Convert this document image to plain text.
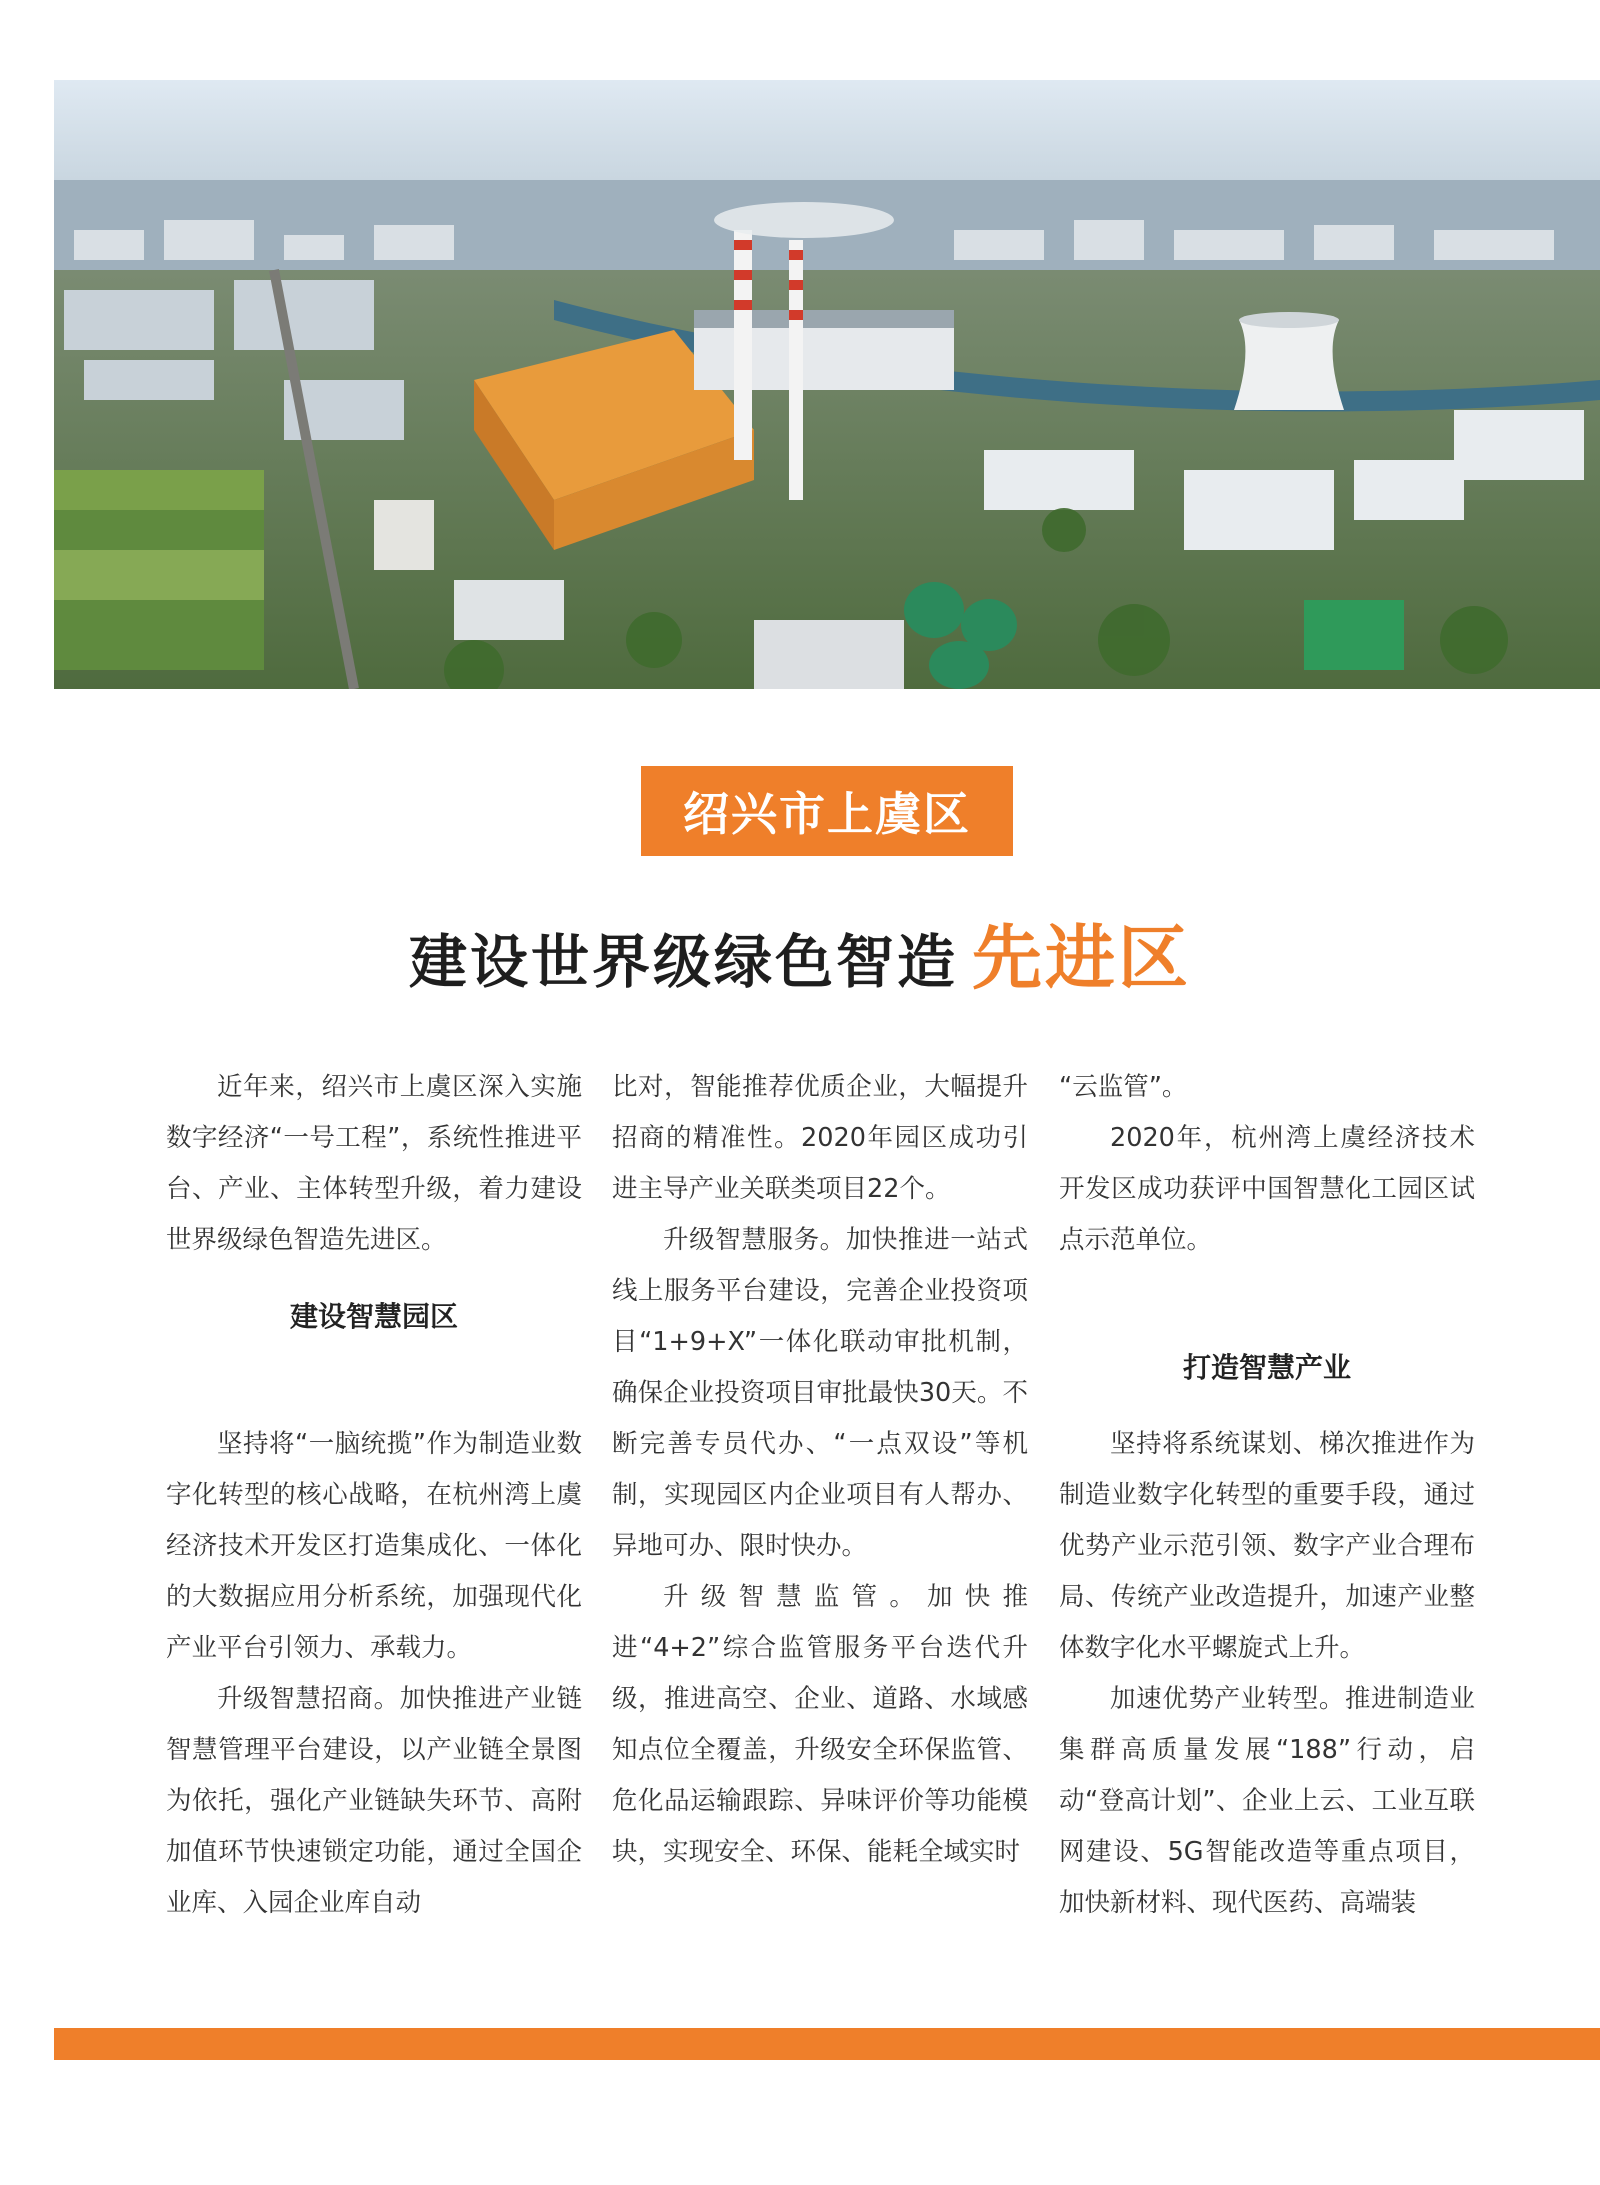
绍兴市上虞区
建设世界级绿色智造 先进区

近年来，绍兴市上虞区深入实施数字经济“一号工程”，系统性推进平台、产业、主体转型升级，着力建设世界级绿色智造先进区。

建设智慧园区

坚持将“一脑统揽”作为制造业数字化转型的核心战略，在杭州湾上虞经济技术开发区打造集成化、一体化的大数据应用分析系统，加强现代化产业平台引领力、承载力。

升级智慧招商。加快推进产业链智慧管理平台建设，以产业链全景图为依托，强化产业链缺失环节、高附加值环节快速锁定功能，通过全国企业库、入园企业库自动

比对，智能推荐优质企业，大幅提升招商的精准性。2020年园区成功引进主导产业关联类项目22个。

升级智慧服务。加快推进一站式线上服务平台建设，完善企业投资项目“1+9+X”一体化联动审批机制，确保企业投资项目审批最快30天。不断完善专员代办、“一点双设”等机制，实现园区内企业项目有人帮办、异地可办、限时快办。

升级智慧监管。加快推进“4+2”综合监管服务平台迭代升级，推进高空、企业、道路、水域感知点位全覆盖，升级安全环保监管、危化品运输跟踪、异味评价等功能模块，实现安全、环保、能耗全域实时

“云监管”。

2020年，杭州湾上虞经济技术开发区成功获评中国智慧化工园区试点示范单位。

打造智慧产业

坚持将系统谋划、梯次推进作为制造业数字化转型的重要手段，通过优势产业示范引领、数字产业合理布局、传统产业改造提升，加速产业整体数字化水平螺旋式上升。

加速优势产业转型。推进制造业集群高质量发展“188”行动，启动“登高计划”、企业上云、工业互联网建设、5G智能改造等重点项目，加快新材料、现代医药、高端装
